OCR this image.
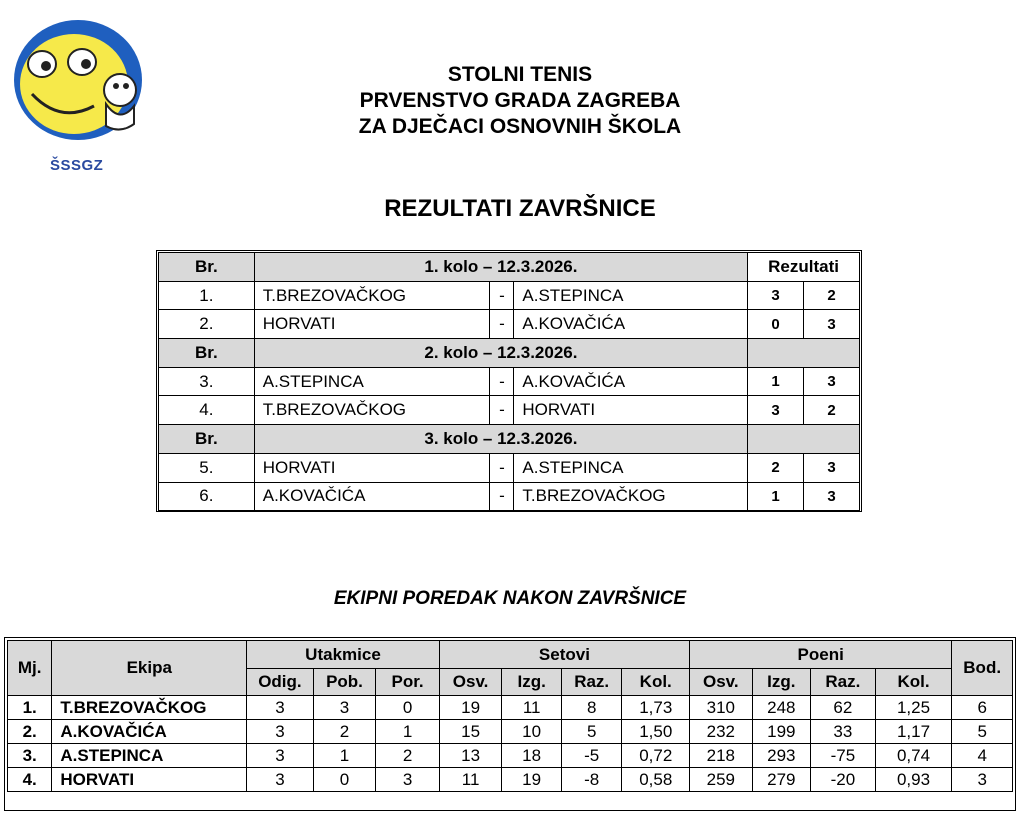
ŠSSGZ
STOLNI TENIS
PRVENSTVO GRADA ZAGREBA
ZA DJEČACI OSNOVNIH ŠKOLA
REZULTATI ZAVRŠNICE
Br.	1. kolo – 12.3.2026.			Rezultati	
1.	T.BREZOVAČKOG	-	A.STEPINCA	3	2
2.	HORVATI	-	A.KOVAČIĆA	0	3
Br.	2. kolo – 12.3.2026.				
3.	A.STEPINCA	-	A.KOVAČIĆA	1	3
4.	T.BREZOVAČKOG	-	HORVATI	3	2
Br.	3. kolo – 12.3.2026.				
5.	HORVATI	-	A.STEPINCA	2	3
6.	A.KOVAČIĆA	-	T.BREZOVAČKOG	1	3
EKIPNI POREDAK NAKON ZAVRŠNICE
Mj.	Ekipa	Utakmice			Setovi				Poeni				Bod.
		Odig.	Pob.	Por.	Osv.	Izg.	Raz.	Kol.	Osv.	Izg.	Raz.	Kol.	
1.	T.BREZOVAČKOG	3	3	0	19	11	8	1,73	310	248	62	1,25	6
2.	A.KOVAČIĆA	3	2	1	15	10	5	1,50	232	199	33	1,17	5
3.	A.STEPINCA	3	1	2	13	18	-5	0,72	218	293	-75	0,74	4
4.	HORVATI	3	0	3	11	19	-8	0,58	259	279	-20	0,93	3
